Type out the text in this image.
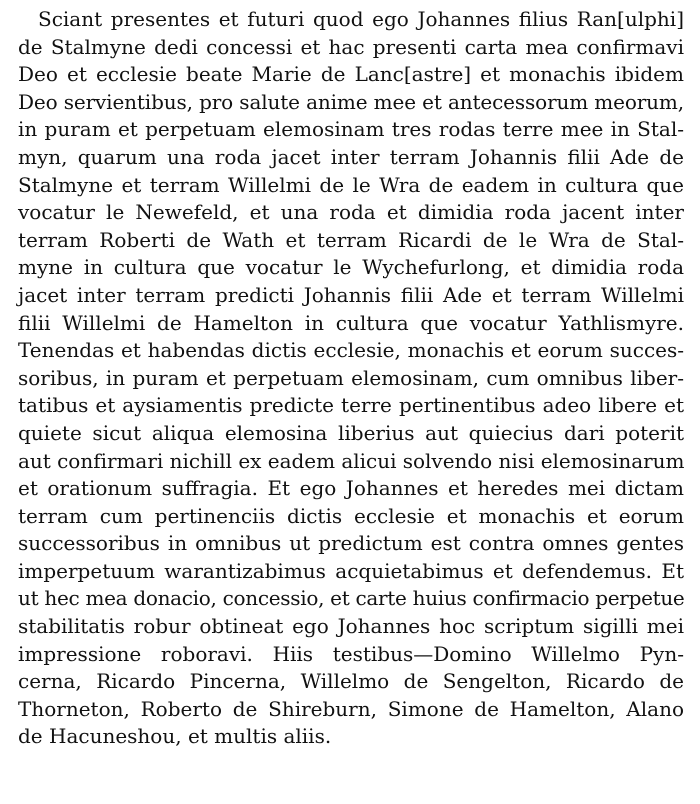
Sciant presentes et futuri quod ego Johannes filius Ran[ulphi]
de Stalmyne dedi concessi et hac presenti carta mea confirmavi
Deo et ecclesie beate Marie de Lanc[astre] et monachis ibidem
Deo servientibus, pro salute anime mee et antecessorum meorum,
in puram et perpetuam elemosinam tres rodas terre mee in Stal-
myn, quarum una roda jacet inter terram Johannis filii Ade de
Stalmyne et terram Willelmi de le Wra de eadem in cultura que
vocatur le Newefeld, et una roda et dimidia roda jacent inter
terram Roberti de Wath et terram Ricardi de le Wra de Stal-
myne in cultura que vocatur le Wychefurlong, et dimidia roda
jacet inter terram predicti Johannis filii Ade et terram Willelmi
filii Willelmi de Hamelton in cultura que vocatur Yathlismyre.
Tenendas et habendas dictis ecclesie, monachis et eorum succes-
soribus, in puram et perpetuam elemosinam, cum omnibus liber-
tatibus et aysiamentis predicte terre pertinentibus adeo libere et
quiete sicut aliqua elemosina liberius aut quiecius dari poterit
aut confirmari nichill ex eadem alicui solvendo nisi elemosinarum
et orationum suffragia. Et ego Johannes et heredes mei dictam
terram cum pertinenciis dictis ecclesie et monachis et eorum
successoribus in omnibus ut predictum est contra omnes gentes
imperpetuum warantizabimus acquietabimus et defendemus. Et
ut hec mea donacio, concessio, et carte huius confirmacio perpetue
stabilitatis robur obtineat ego Johannes hoc scriptum sigilli mei
impressione roboravi. Hiis testibus—Domino Willelmo Pyn-
cerna, Ricardo Pincerna, Willelmo de Sengelton, Ricardo de
Thorneton, Roberto de Shireburn, Simone de Hamelton, Alano
de Hacuneshou, et multis aliis.
